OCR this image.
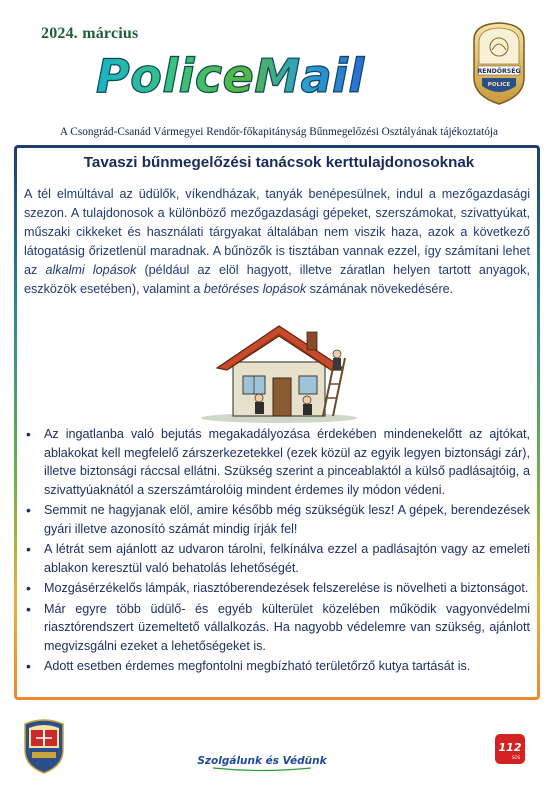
2024. március
PoliceMail	RENDŐRSÉG
POLICE
A Csongrád-Csanád Vármegyei Rendőr-főkapitányság Bűnmegelőzési Osztályának tájékoztatója
Tavaszi bűnmegelőzési tanácsok kerttulajdonosoknak

A tél elmúltával az üdülők, víkendházak, tanyák benépesülnek, indul a mezőgazdasági szezon. A tulajdonosok a különböző mezőgazdasági gépeket, szerszámokat, szivattyúkat, műszaki cikkeket és használati tárgyakat általában nem viszik haza, azok a következő látogatásig őrizetlenül maradnak. A bűnözők is tisztában vannak ezzel, így számítani lehet az alkalmi lopások (például az elöl hagyott, illetve záratlan helyen tartott anyagok, eszközök esetében), valamint a betöréses lopások számának növekedésére.

• Az ingatlanba való bejutás megakadályozása érdekében mindenekelőtt az ajtókat, ablakokat kell megfelelő zárszerkezetekkel (ezek közül az egyik legyen biztonsági zár), illetve biztonsági ráccsal ellátni. Szükség szerint a pinceablaktól a külső padlásajtóig, a szivattyúaknától a szerszámtárolóig mindent érdemes ily módon védeni.
• Semmit ne hagyjanak elöl, amire később még szükségük lesz! A gépek, berendezések gyári illetve azonosító számát mindig írják fel!
• A létrát sem ajánlott az udvaron tárolni, felkínálva ezzel a padlásajtón vagy az emeleti ablakon keresztül való behatolás lehetőségét.
• Mozgásérzékelős lámpák, riasztóberendezések felszerelése is növelheti a biztonságot.
• Már egyre több üdülő- és egyéb külterület közelében működik vagyonvédelmi riasztórendszert üzemeltető vállalkozás. Ha nagyobb védelemre van szükség, ajánlott megvizsgálni ezeket a lehetőségeket is.
• Adott esetben érdemes megfontolni megbízható területőrző kutya tartását is.
Szolgálunk és Védünk
112
SOS
